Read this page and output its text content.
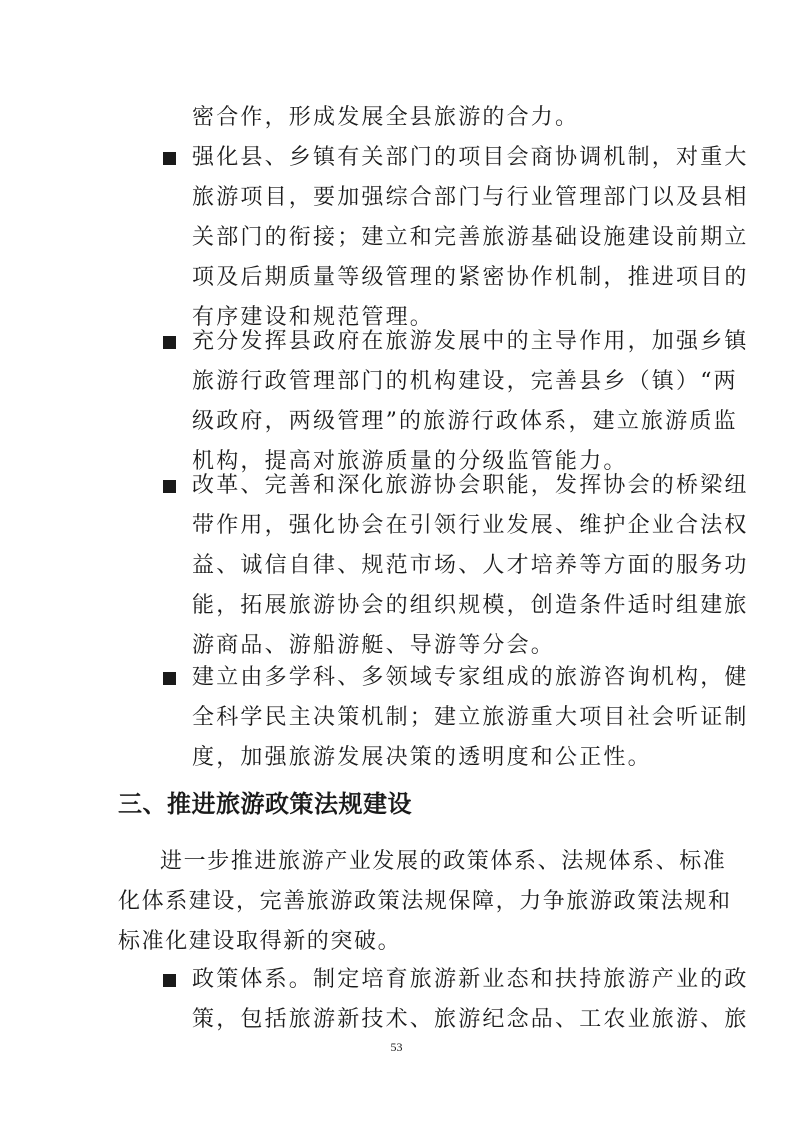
密合作，形成发展全县旅游的合力。
强化县、乡镇有关部门的项目会商协调机制，对重大
旅游项目，要加强综合部门与行业管理部门以及县相
关部门的衔接；建立和完善旅游基础设施建设前期立
项及后期质量等级管理的紧密协作机制，推进项目的
有序建设和规范管理。
充分发挥县政府在旅游发展中的主导作用，加强乡镇
旅游行政管理部门的机构建设，完善县乡（镇）“两
级政府，两级管理”的旅游行政体系，建立旅游质监
机构，提高对旅游质量的分级监管能力。
改革、完善和深化旅游协会职能，发挥协会的桥梁纽
带作用，强化协会在引领行业发展、维护企业合法权
益、诚信自律、规范市场、人才培养等方面的服务功
能，拓展旅游协会的组织规模，创造条件适时组建旅
游商品、游船游艇、导游等分会。
建立由多学科、多领域专家组成的旅游咨询机构，健
全科学民主决策机制；建立旅游重大项目社会听证制
度，加强旅游发展决策的透明度和公正性。
三、推进旅游政策法规建设
进一步推进旅游产业发展的政策体系、法规体系、标准
化体系建设，完善旅游政策法规保障，力争旅游政策法规和
标准化建设取得新的突破。
政策体系。制定培育旅游新业态和扶持旅游产业的政
策，包括旅游新技术、旅游纪念品、工农业旅游、旅
53
